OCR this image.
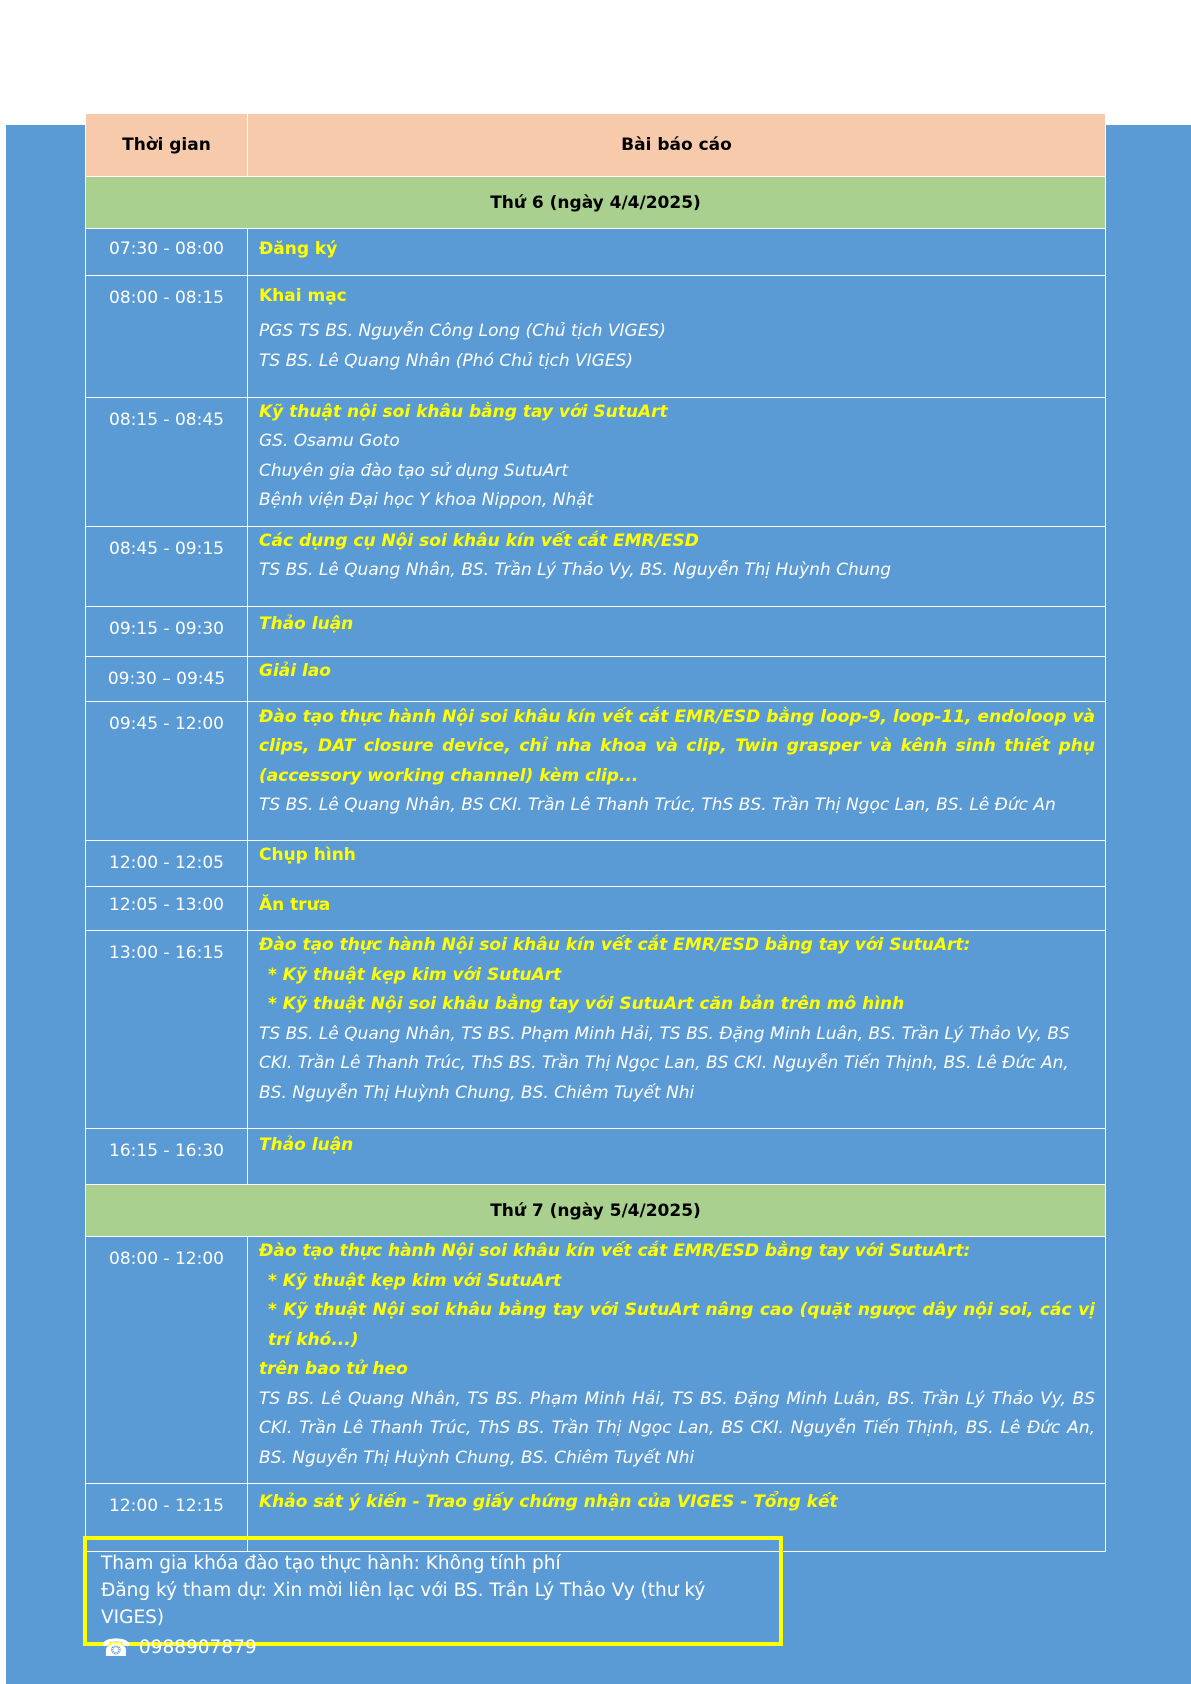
Thời gian	Bài báo cáo
Thứ 6 (ngày 4/4/2025)	
07:30 - 08:00	Đăng ký

08:00 - 08:15	Khai mạc
PGS TS BS. Nguyễn Công Long (Chủ tịch VIGES)
TS BS. Lê Quang Nhân (Phó Chủ tịch VIGES)

08:15 - 08:45	Kỹ thuật nội soi khâu bằng tay với SutuArt
GS. Osamu Goto
Chuyên gia đào tạo sử dụng SutuArt
Bệnh viện Đại học Y khoa Nippon, Nhật

08:45 - 09:15	Các dụng cụ Nội soi khâu kín vết cắt EMR/ESD
TS BS. Lê Quang Nhân, BS. Trần Lý Thảo Vy, BS. Nguyễn Thị Huỳnh Chung

09:15 - 09:30	Thảo luận

09:30 – 09:45	Giải lao

09:45 - 12:00	Đào tạo thực hành Nội soi khâu kín vết cắt EMR/ESD bằng loop-9, loop-11, endoloop và clips, DAT closure device, chỉ nha khoa và clip, Twin grasper và kênh sinh thiết phụ (accessory working channel) kèm clip...
TS BS. Lê Quang Nhân, BS CKI. Trần Lê Thanh Trúc, ThS BS. Trần Thị Ngọc Lan, BS. Lê Đức An

12:00 - 12:05	Chụp hình

12:05 - 13:00	Ăn trưa

13:00 - 16:15	Đào tạo thực hành Nội soi khâu kín vết cắt EMR/ESD bằng tay với SutuArt:
* Kỹ thuật kẹp kim với SutuArt
* Kỹ thuật Nội soi khâu bằng tay với SutuArt căn bản trên mô hình
TS BS. Lê Quang Nhân, TS BS. Phạm Minh Hải, TS BS. Đặng Minh Luân, BS. Trần Lý Thảo Vy, BS CKI. Trần Lê Thanh Trúc, ThS BS. Trần Thị Ngọc Lan, BS CKI. Nguyễn Tiến Thịnh, BS. Lê Đức An, BS. Nguyễn Thị Huỳnh Chung, BS. Chiêm Tuyết Nhi

16:15 - 16:30	Thảo luận

Thứ 7 (ngày 5/4/2025)	
08:00 - 12:00	Đào tạo thực hành Nội soi khâu kín vết cắt EMR/ESD bằng tay với SutuArt:
* Kỹ thuật kẹp kim với SutuArt
* Kỹ thuật Nội soi khâu bằng tay với SutuArt nâng cao (quặt ngược dây nội soi, các vị trí khó...)
trên bao tử heo
TS BS. Lê Quang Nhân, TS BS. Phạm Minh Hải, TS BS. Đặng Minh Luân, BS. Trần Lý Thảo Vy, BS CKI. Trần Lê Thanh Trúc, ThS BS. Trần Thị Ngọc Lan, BS CKI. Nguyễn Tiến Thịnh, BS. Lê Đức An, BS. Nguyễn Thị Huỳnh Chung, BS. Chiêm Tuyết Nhi

12:00 - 12:15	Khảo sát ý kiến - Trao giấy chứng nhận của VIGES - Tổng kết
Tham gia khóa đào tạo thực hành: Không tính phí
Đăng ký tham dự: Xin mời liên lạc với BS. Trần Lý Thảo Vy (thư ký VIGES)
☎ 0988907879
